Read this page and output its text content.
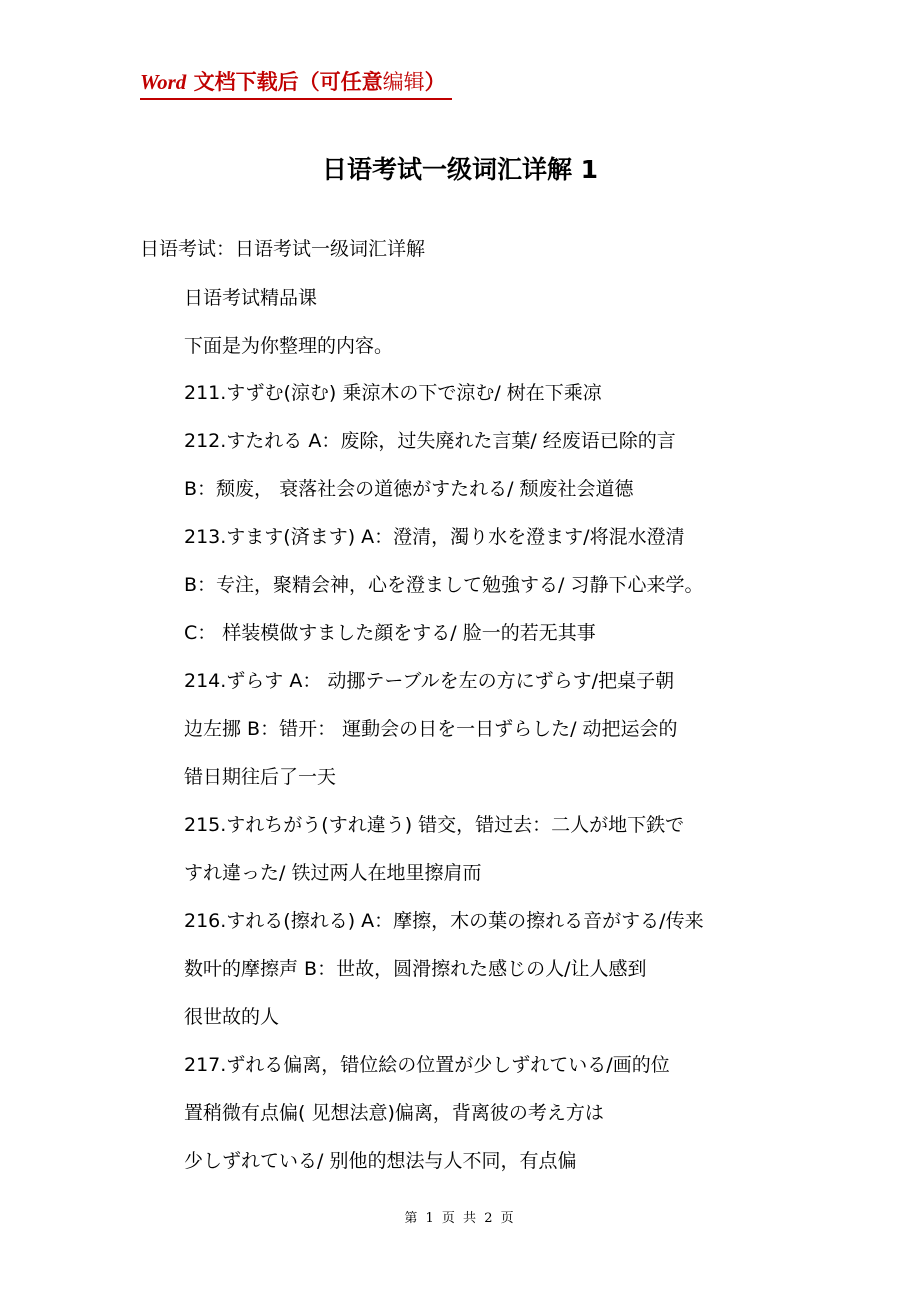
Word 文档下载后（可任意编辑）
日语考试一级词汇详解 1
日语考试：日语考试一级词汇详解
日语考试精品课
下面是为你整理的内容。
211.すずむ(涼む) 乗涼木の下で涼む/ 树在下乘凉
212.すたれる A：废除，过失廃れた言葉/ 经废语已除的言
B：颓废， 衰落社会の道徳がすたれる/ 颓废社会道德
213.すます(済ます) A：澄清，濁り水を澄ます/将混水澄清
B：专注，聚精会神，心を澄まして勉強する/ 习静下心来学。
C： 样装模做すました顔をする/ 脸一的若无其事
214.ずらす A： 动挪テーブルを左の方にずらす/把桌子朝
边左挪 B：错开： 運動会の日を一日ずらした/ 动把运会的
错日期往后了一天
215.すれちがう(すれ違う) 错交，错过去：二人が地下鉄で
すれ違った/ 铁过两人在地里擦肩而
216.すれる(擦れる) A：摩擦，木の葉の擦れる音がする/传来
数叶的摩擦声 B：世故，圆滑擦れた感じの人/让人感到
很世故的人
217.ずれる偏离，错位絵の位置が少しずれている/画的位
置稍微有点偏( 见想法意)偏离，背离彼の考え方は
少しずれている/ 别他的想法与人不同，有点偏
第 1 页 共 2 页
